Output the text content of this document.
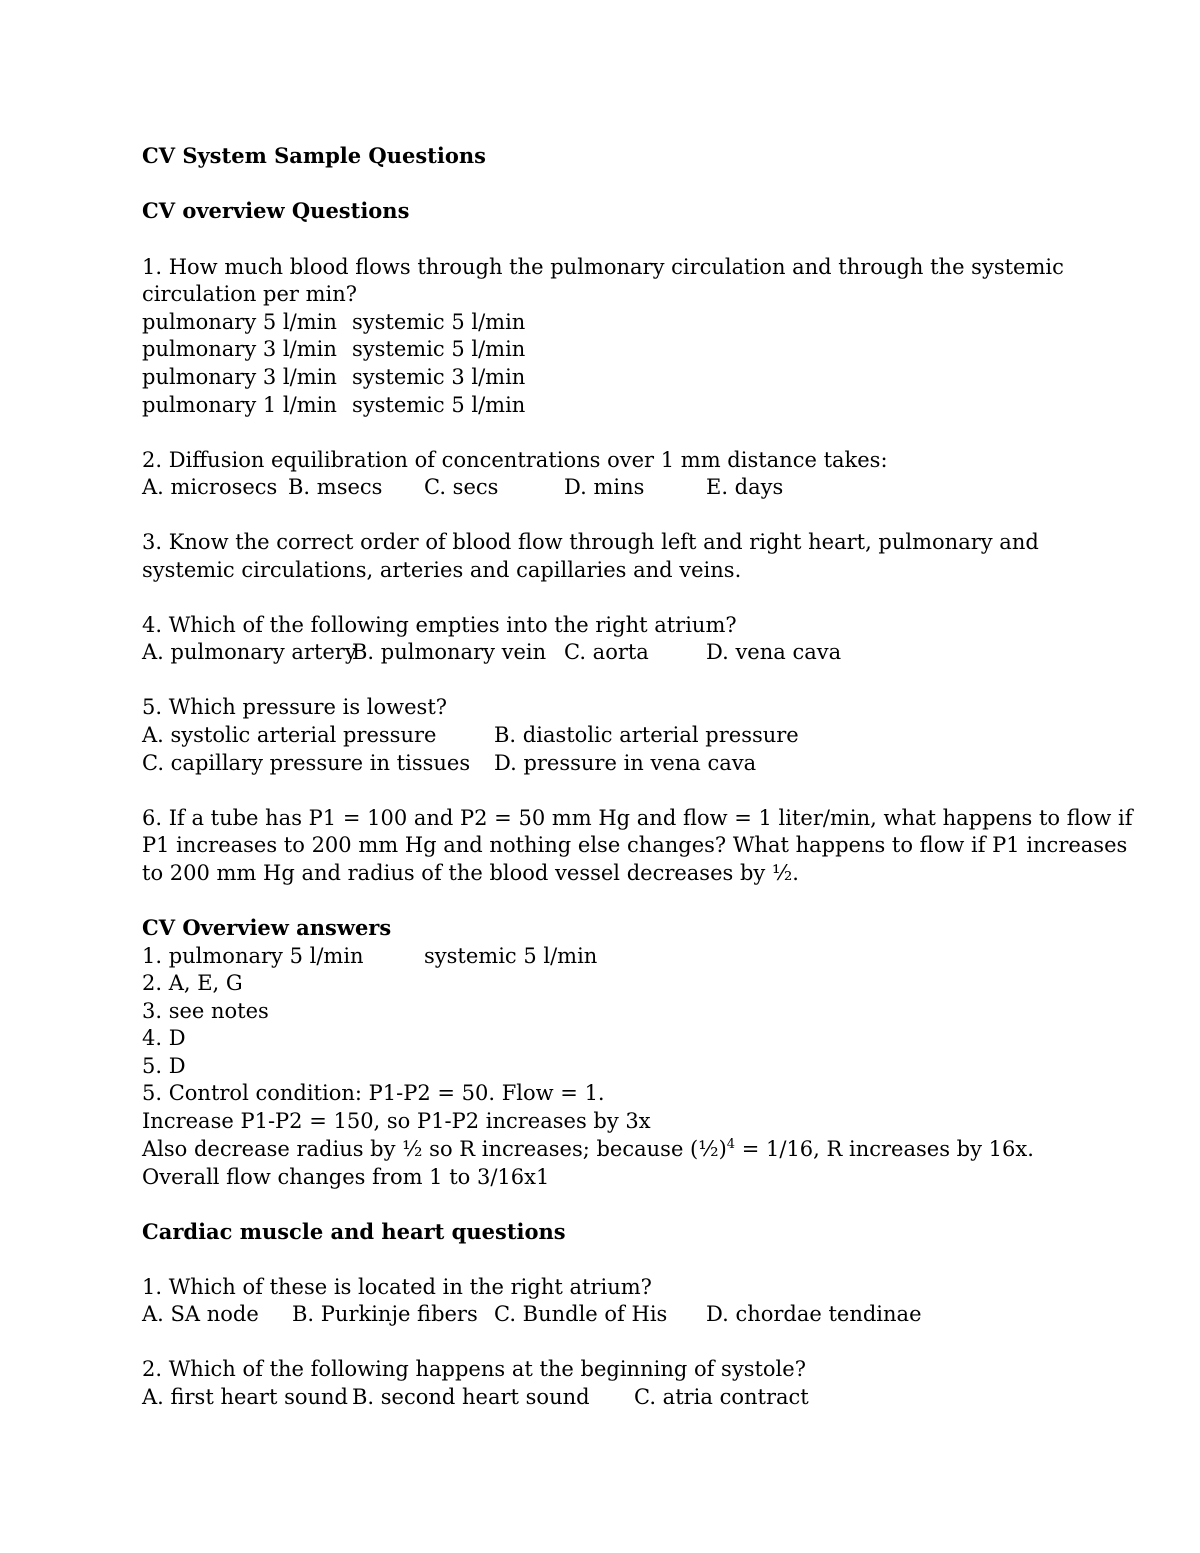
CV System Sample Questions
CV overview Questions
1. How much blood flows through the pulmonary circulation and through the systemic
circulation per min?
pulmonary 5 l/min systemic 5 l/min
pulmonary 3 l/min systemic 5 l/min
pulmonary 3 l/min systemic 3 l/min
pulmonary 1 l/min systemic 5 l/min
2. Diffusion equilibration of concentrations over 1 mm distance takes:
A. microsecs B. msecs C. secs	D. mins	E. days
3. Know the correct order of blood flow through left and right heart, pulmonary and
systemic circulations, arteries and capillaries and veins.
4. Which of the following empties into the right atrium?
A. pulmonary artery
B. pulmonary vein C. aorta	D. vena cava
5. Which pressure is lowest?
A. systolic arterial pressure	B. diastolic arterial pressure
C. capillary pressure in tissues D. pressure in vena cava
6. If a tube has P1 = 100 and P2 = 50 mm Hg and flow = 1 liter/min, what happens to flow if
P1 increases to 200 mm Hg and nothing else changes? What happens to flow if P1 increases
to 200 mm Hg and radius of the blood vessel decreases by ½.
CV Overview answers
1. pulmonary 5 l/min	systemic 5 l/min
2. A, E, G
3. see notes
4. D
5. D
5. Control condition: P1-P2 = 50. Flow = 1.
Increase P1-P2 = 150, so P1-P2 increases by 3x
Also decrease radius by ½ so R increases; because (½)$^4$ = 1/16, R increases by 16x.
Overall flow changes from 1 to 3/16x1
Cardiac muscle and heart questions
1. Which of these is located in the right atrium?
A. SA node B. Purkinje fibers C. Bundle of His D. chordae tendinae
2. Which of the following happens at the beginning of systole?
A. first heart sound B. second heart sound C. atria contract
